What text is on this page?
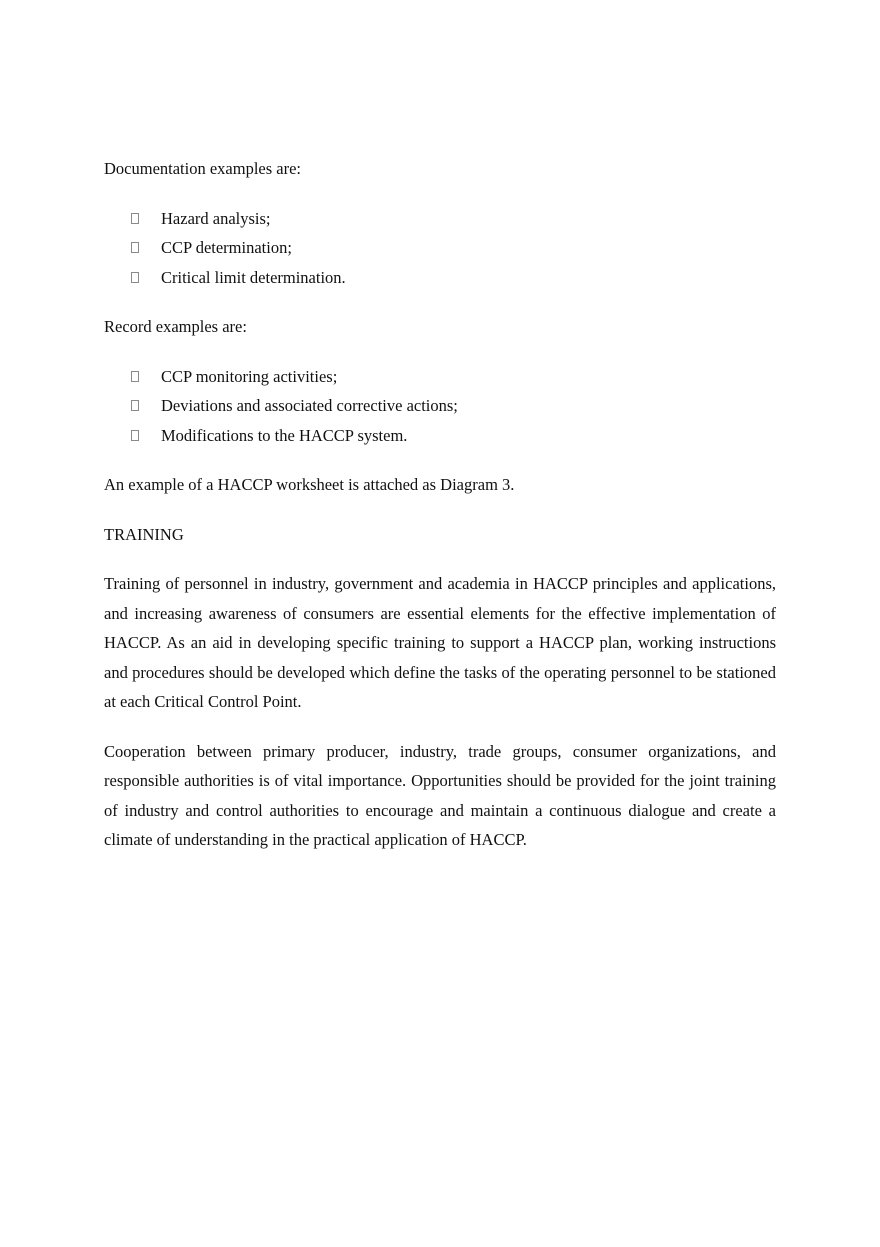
Documentation examples are:

Hazard analysis;
CCP determination;
Critical limit determination.

Record examples are:

CCP monitoring activities;
Deviations and associated corrective actions;
Modifications to the HACCP system.

An example of a HACCP worksheet is attached as Diagram 3.

TRAINING

Training of personnel in industry, government and academia in HACCP principles and applications, and increasing awareness of consumers are essential elements for the effective implementation of HACCP. As an aid in developing specific training to support a HACCP plan, working instructions and procedures should be developed which define the tasks of the operating personnel to be stationed at each Critical Control Point.

Cooperation between primary producer, industry, trade groups, consumer organizations, and responsible authorities is of vital importance. Opportunities should be provided for the joint training of industry and control authorities to encourage and maintain a continuous dialogue and create a climate of understanding in the practical application of HACCP.
